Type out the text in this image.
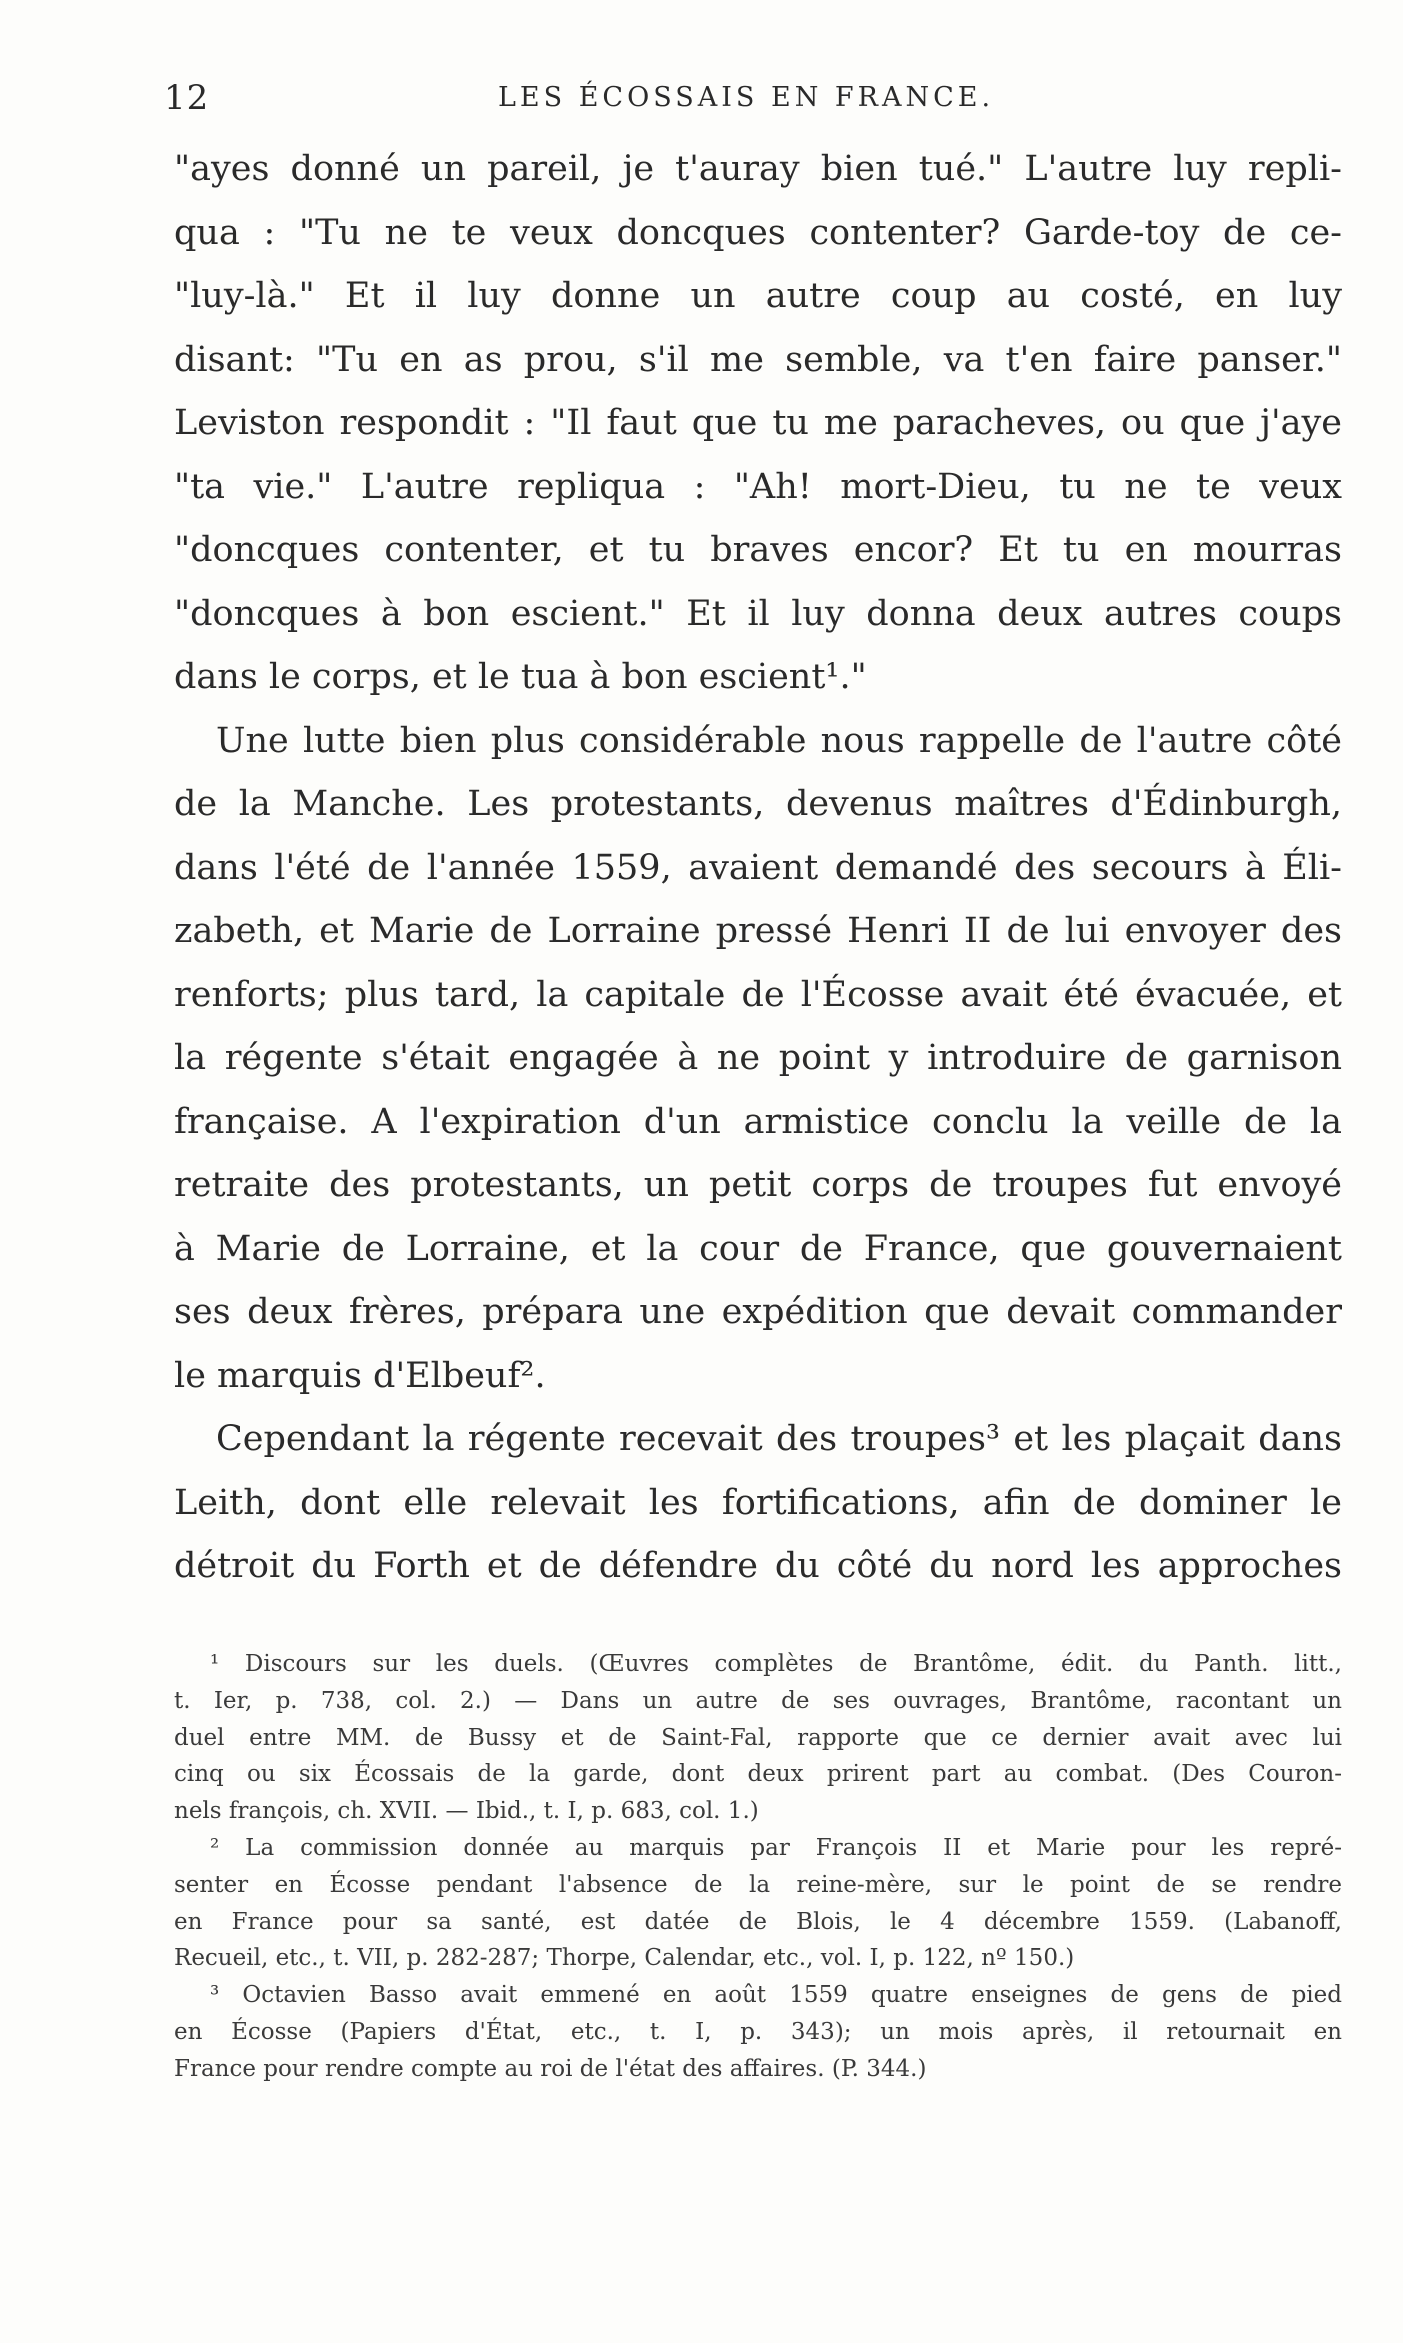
12	LES ÉCOSSAIS EN FRANCE.
"ayes donné un pareil, je t'auray bien tué." L'autre luy repli-
qua : "Tu ne te veux doncques contenter? Garde-toy de ce-
"luy-là." Et il luy donne un autre coup au costé, en luy
disant: "Tu en as prou, s'il me semble, va t'en faire panser."
Leviston respondit : "Il faut que tu me paracheves, ou que j'aye
"ta vie." L'autre repliqua : "Ah! mort-Dieu, tu ne te veux
"doncques contenter, et tu braves encor? Et tu en mourras
"doncques à bon escient." Et il luy donna deux autres coups
dans le corps, et le tua à bon escient¹."
Une lutte bien plus considérable nous rappelle de l'autre côté
de la Manche. Les protestants, devenus maîtres d'Édinburgh,
dans l'été de l'année 1559, avaient demandé des secours à Éli-
zabeth, et Marie de Lorraine pressé Henri II de lui envoyer des
renforts; plus tard, la capitale de l'Écosse avait été évacuée, et
la régente s'était engagée à ne point y introduire de garnison
française. A l'expiration d'un armistice conclu la veille de la
retraite des protestants, un petit corps de troupes fut envoyé
à Marie de Lorraine, et la cour de France, que gouvernaient
ses deux frères, prépara une expédition que devait commander
le marquis d'Elbeuf².
Cependant la régente recevait des troupes³ et les plaçait dans
Leith, dont elle relevait les fortifications, afin de dominer le
détroit du Forth et de défendre du côté du nord les approches
¹ Discours sur les duels. (Œuvres complètes de Brantôme, édit. du Panth. litt.,
t. Ier, p. 738, col. 2.) — Dans un autre de ses ouvrages, Brantôme, racontant un
duel entre MM. de Bussy et de Saint-Fal, rapporte que ce dernier avait avec lui
cinq ou six Écossais de la garde, dont deux prirent part au combat. (Des Couron-
nels françois, ch. XVII. — Ibid., t. I, p. 683, col. 1.)
² La commission donnée au marquis par François II et Marie pour les repré-
senter en Écosse pendant l'absence de la reine-mère, sur le point de se rendre
en France pour sa santé, est datée de Blois, le 4 décembre 1559. (Labanoff,
Recueil, etc., t. VII, p. 282-287; Thorpe, Calendar, etc., vol. I, p. 122, nº 150.)
³ Octavien Basso avait emmené en août 1559 quatre enseignes de gens de pied
en Écosse (Papiers d'État, etc., t. I, p. 343); un mois après, il retournait en
France pour rendre compte au roi de l'état des affaires. (P. 344.)
